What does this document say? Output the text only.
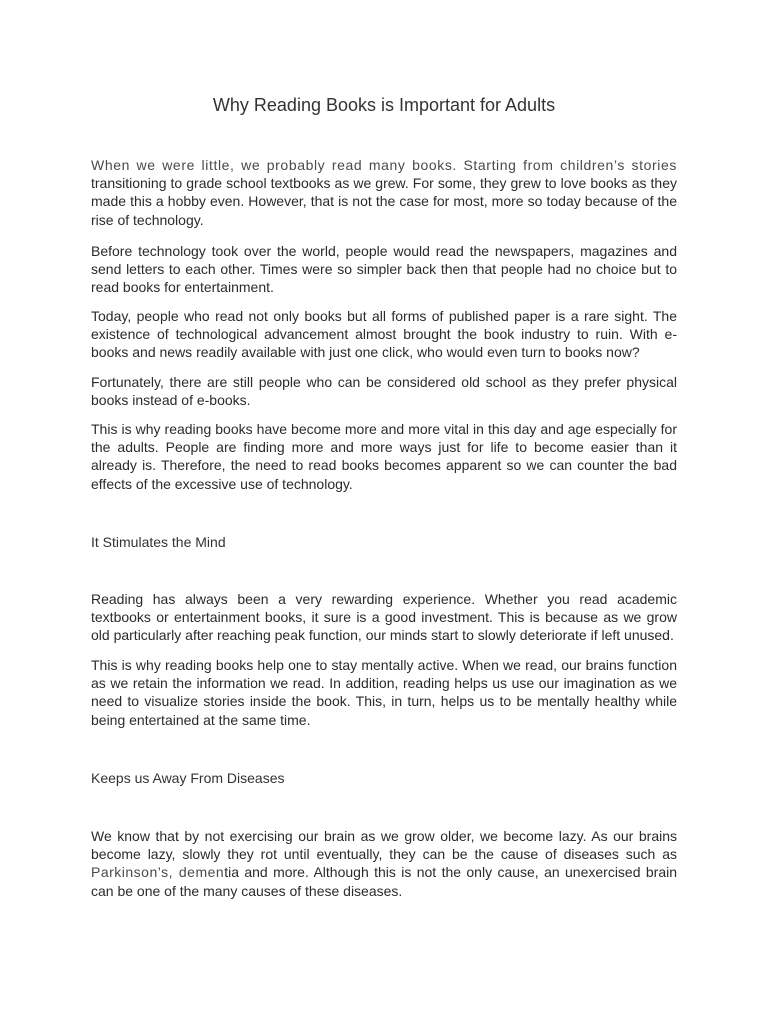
Why Reading Books is Important for Adults

When we were little, we probably read many books. Starting from children’s stories transitioning to grade school textbooks as we grew. For some, they grew to love books as they made this a hobby even. However, that is not the case for most, more so today because of the rise of technology.

Before technology took over the world, people would read the newspapers, magazines and send letters to each other. Times were so simpler back then that people had no choice but to read books for entertainment.

Today, people who read not only books but all forms of published paper is a rare sight. The existence of technological advancement almost brought the book industry to ruin. With e-books and news readily available with just one click, who would even turn to books now?

Fortunately, there are still people who can be considered old school as they prefer physical books instead of e-books.

This is why reading books have become more and more vital in this day and age especially for the adults. People are finding more and more ways just for life to become easier than it already is. Therefore, the need to read books becomes apparent so we can counter the bad effects of the excessive use of technology.

It Stimulates the Mind

Reading has always been a very rewarding experience. Whether you read academic textbooks or entertainment books, it sure is a good investment. This is because as we grow old particularly after reaching peak function, our minds start to slowly deteriorate if left unused.

This is why reading books help one to stay mentally active. When we read, our brains function as we retain the information we read. In addition, reading helps us use our imagination as we need to visualize stories inside the book. This, in turn, helps us to be mentally healthy while being entertained at the same time.

Keeps us Away From Diseases

We know that by not exercising our brain as we grow older, we become lazy. As our brains become lazy, slowly they rot until eventually, they can be the cause of diseases such as Parkinson’s, dementia and more. Although this is not the only cause, an unexercised brain can be one of the many causes of these diseases.
